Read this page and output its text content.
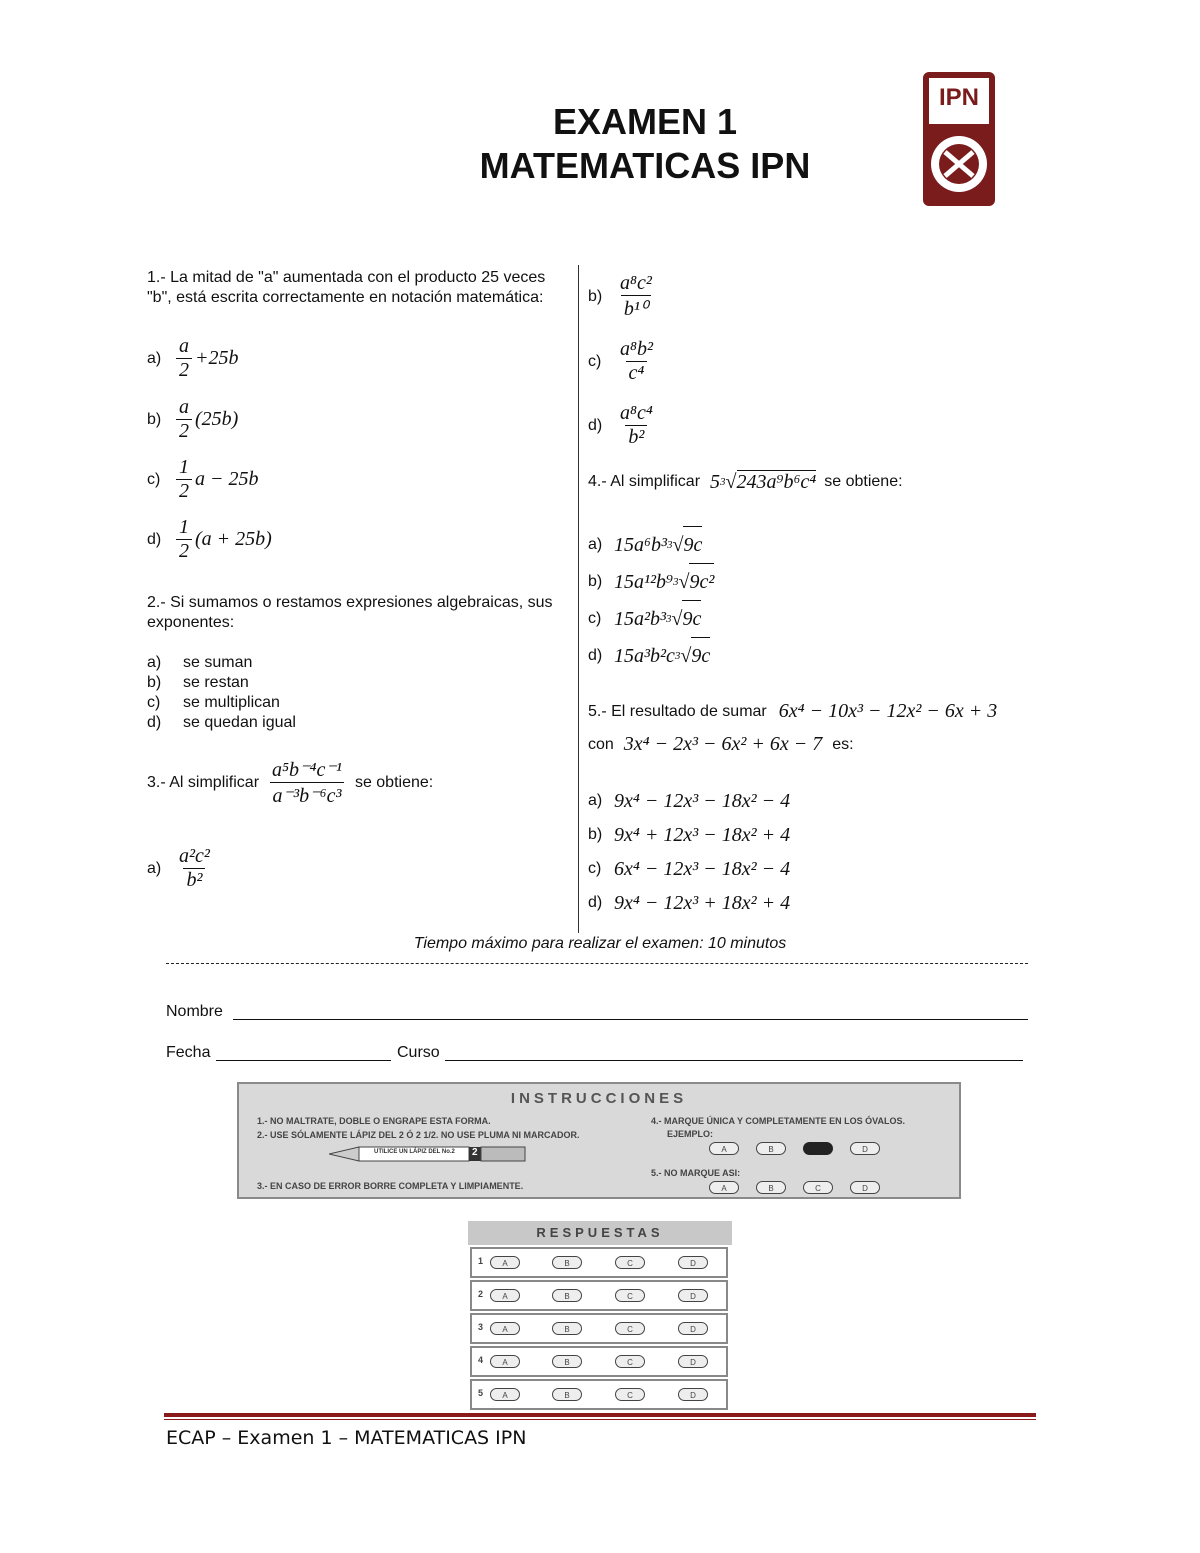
EXAMEN 1
MATEMATICAS IPN
IPN
1.- La mitad de "a" aumentada con el producto 25 veces "b", está escrita correctamente en notación matemática:
$a) \frac{a}{2} +25b$
$b) \frac{a}{2} (25b)$
$c) \frac{1}{2}$ a − 25b
$d) \frac{1}{2} (a + 25b)$
2.- Si sumamos o restamos expresiones algebraicas, sus exponentes:
a)	se suman
b)	se restan
c)	se multiplican
d)	se quedan igual
3.- Al simplificar $\frac{\text{a⁵b⁻⁴c⁻¹}}{\text{a⁻³b⁻⁶c³}}$ se obtiene:
$a) \frac{\text{a²c²}}{\text{b²}}$
$b) \frac{\text{a⁸c²}}{\text{b¹⁰}}$
$c) \frac{\text{a⁸b²}}{\text{c⁴}}$
$d) \frac{\text{a⁸c⁴}}{\text{b²}}$
4.- Al simplificar 5 3 √ 243a⁹b⁶c⁴ se obtiene:
a) 15a⁶b³ 3 √ 9c
b) 15a¹²b⁹ 3 √ 9c²
c) 15a²b³ 3 √ 9c
d) 15a³b²c 3 √ 9c
5.- El resultado de sumar 6x⁴ − 10x³ − 12x² − 6x + 3
con 3x⁴ − 2x³ − 6x² + 6x − 7 es:
a) 9x⁴ − 12x³ − 18x² − 4
b) 9x⁴ + 12x³ − 18x² + 4
c) 6x⁴ − 12x³ − 18x² − 4
d) 9x⁴ − 12x³ + 18x² + 4
Tiempo máximo para realizar el examen: 10 minutos
Nombre
Fecha	Curso
INSTRUCCIONES
1.- NO MALTRATE, DOBLE O ENGRAPE ESTA FORMA.
2.- USE SÓLAMENTE LÁPIZ DEL 2 Ó 2 1/2. NO USE PLUMA NI MARCADOR.
UTILICE UN LÁPIZ DEL No.2 2
3.- EN CASO DE ERROR BORRE COMPLETA Y LIMPIAMENTE.
4.- MARQUE ÚNICA Y COMPLETAMENTE EN LOS ÓVALOS.
EJEMPLO:
A	B	D
5.- NO MARQUE ASI:
A	B	C	D
RESPUESTAS
1	A	B	C	D
2	A	B	C	D
3	A	B	C	D
4	A	B	C	D
5	A	B	C	D
ECAP – Examen 1 – MATEMATICAS IPN
